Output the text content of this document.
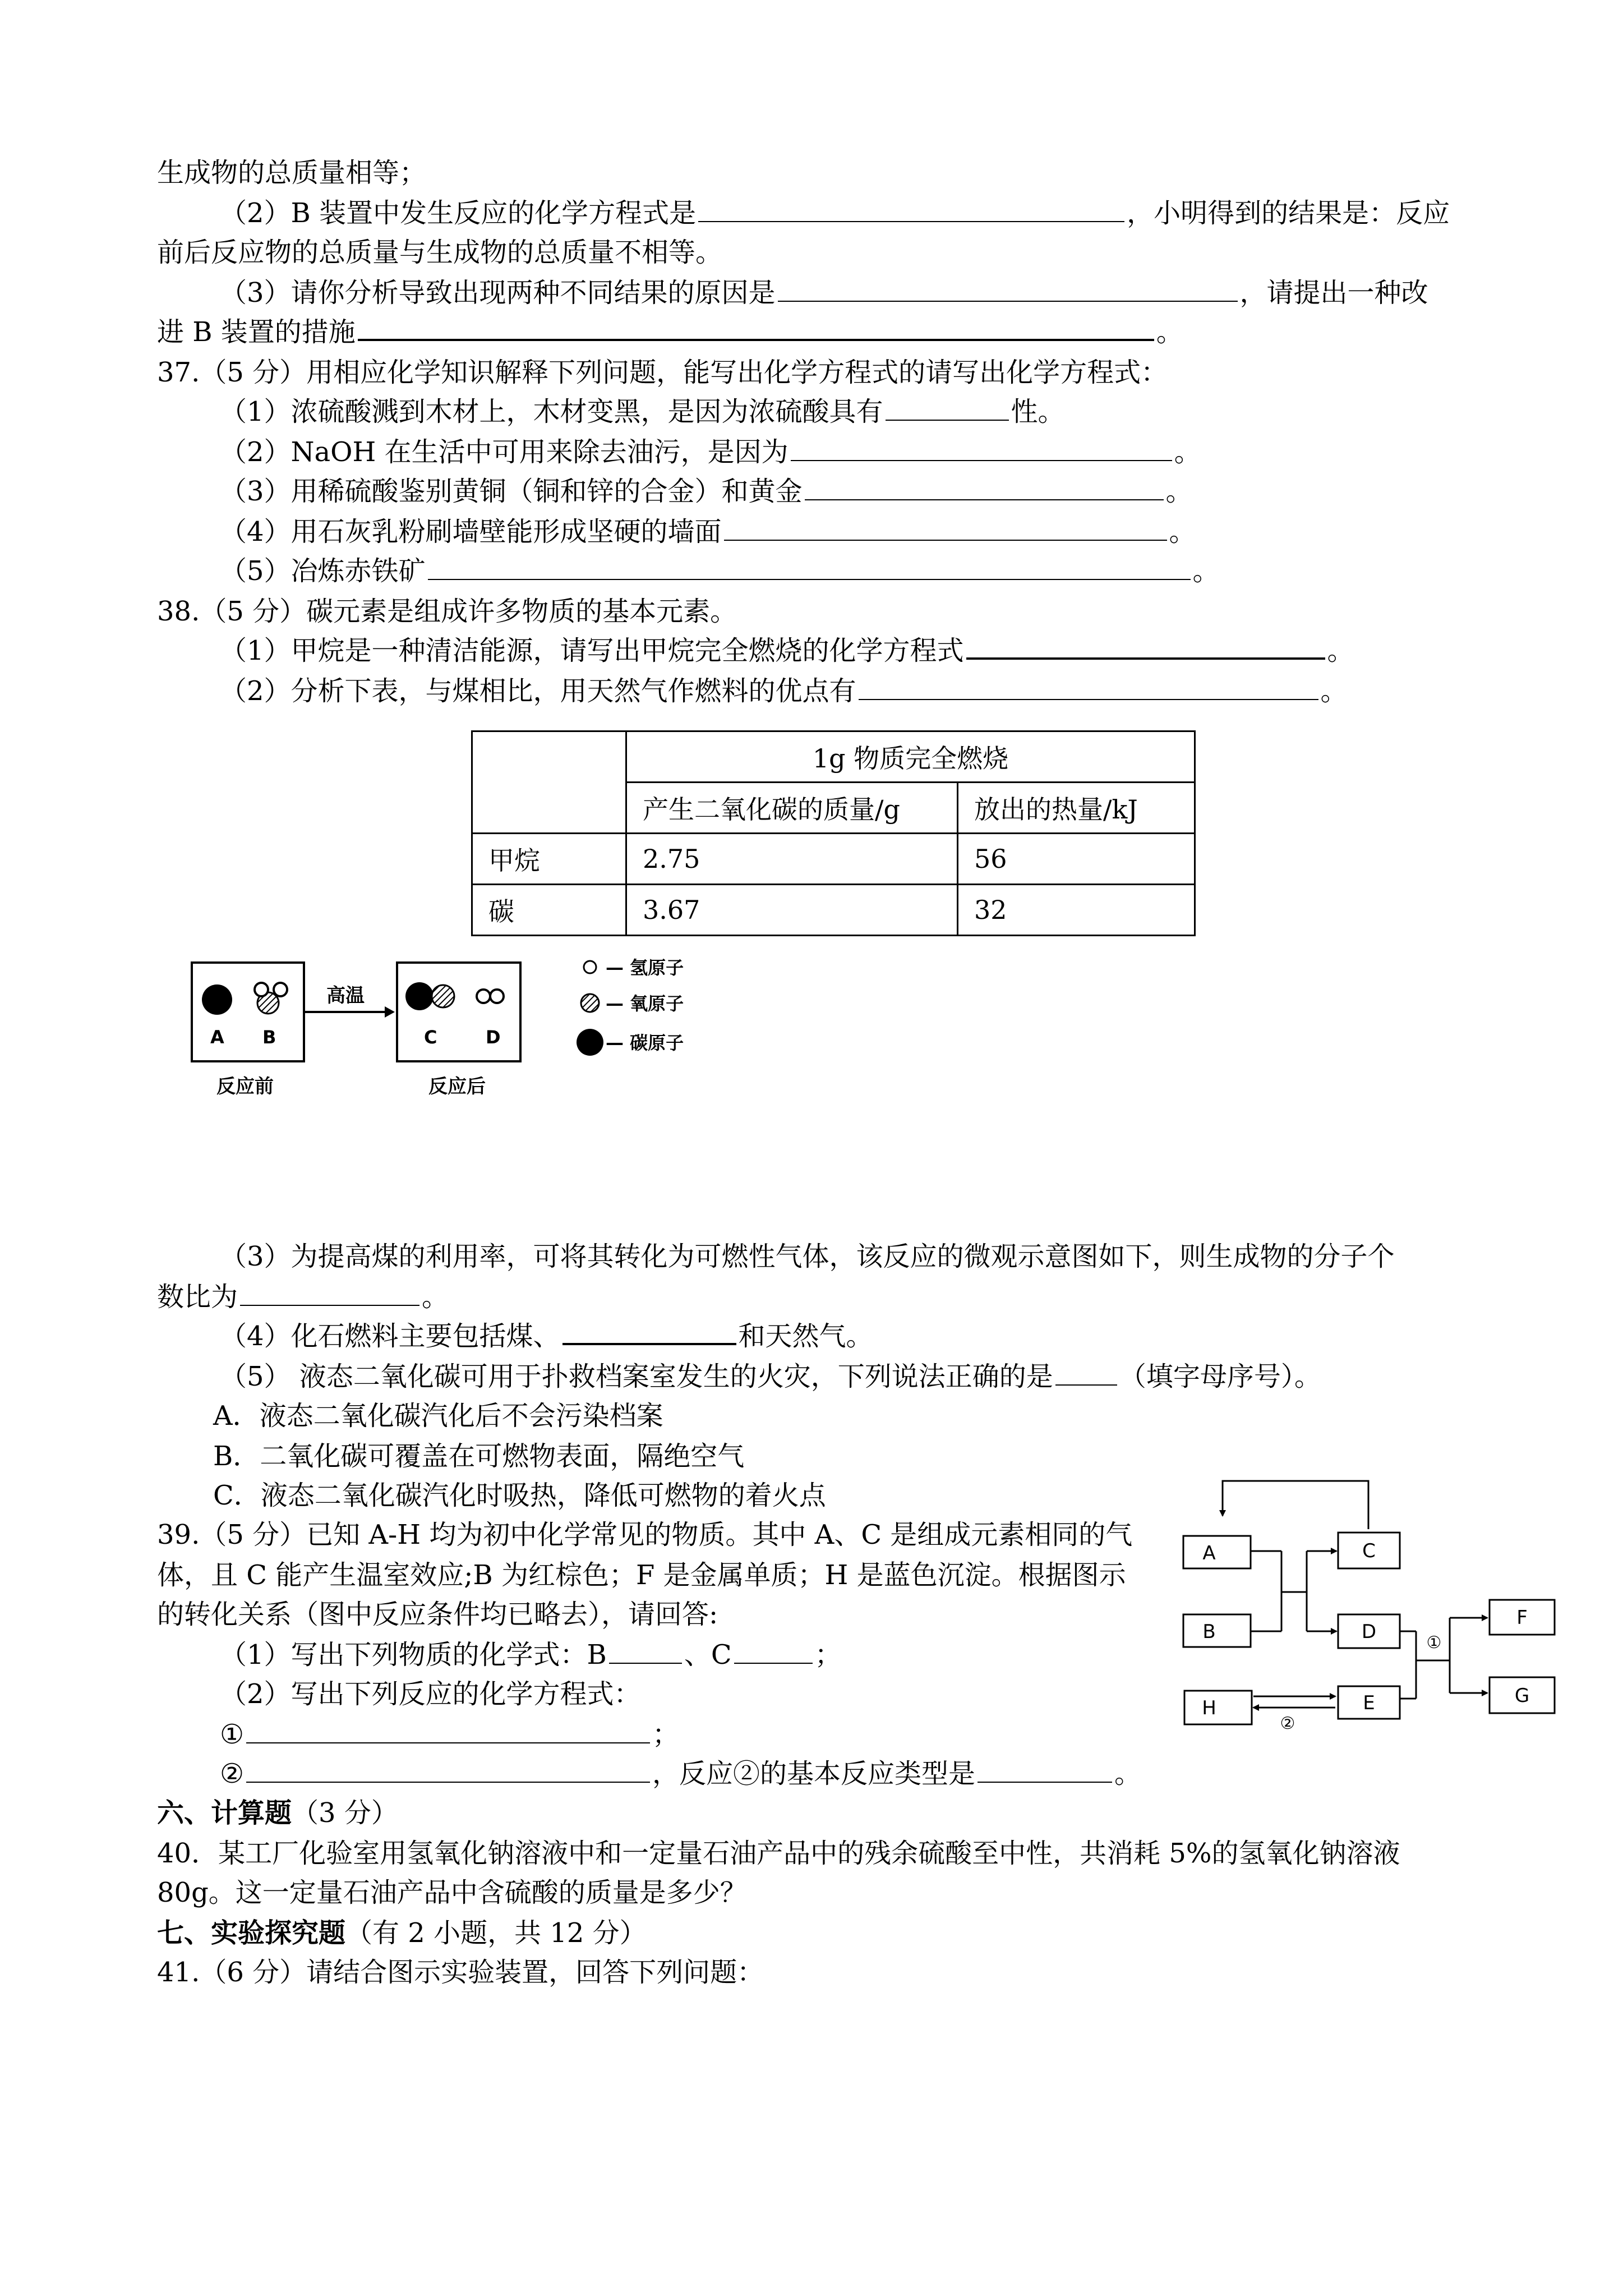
生成物的总质量相等；
（2）B 装置中发生反应的化学方程式是	，小明得到的结果是：反应
前后反应物的总质量与生成物的总质量不相等。
（3）请你分析导致出现两种不同结果的原因是	，请提出一种改
进 B 装置的措施	。
37.（5 分）用相应化学知识解释下列问题，能写出化学方程式的请写出化学方程式：
（1）浓硫酸溅到木材上，木材变黑，是因为浓硫酸具有	性。
（2）NaOH 在生活中可用来除去油污，是因为	。
（3）用稀硫酸鉴别黄铜（铜和锌的合金）和黄金	。
（4）用石灰乳粉刷墙壁能形成坚硬的墙面	。
（5）冶炼赤铁矿	。
38.（5 分）碳元素是组成许多物质的基本元素。
（1）甲烷是一种清洁能源，请写出甲烷完全燃烧的化学方程式	。
（2）分析下表，与煤相比，用天然气作燃料的优点有	。
	1g 物质完全燃烧	
	产生二氧化碳的质量/g	放出的热量/kJ
甲烷	2.75	56
碳	3.67	32
A B
高温
C	D
反应前	反应后
— 氢原子
— 氧原子
— 碳原子
（3）为提高煤的利用率，可将其转化为可燃性气体，该反应的微观示意图如下，则生成物的分子个
数比为	。
（4）化石燃料主要包括煤、	和天然气。
（5） 液态二氧化碳可用于扑救档案室发生的火灾，下列说法正确的是 （填字母序号）。
A．液态二氧化碳汽化后不会污染档案
B．二氧化碳可覆盖在可燃物表面，隔绝空气
C．液态二氧化碳汽化时吸热，降低可燃物的着火点
39.（5 分）已知 A-H 均为初中化学常见的物质。其中 A、C 是组成元素相同的气
体，且 C 能产生温室效应;B 为红棕色；F 是金属单质；H 是蓝色沉淀。根据图示
的转化关系（图中反应条件均已略去），请回答:
（1）写出下列物质的化学式：B	、C	；
（2）写出下列反应的化学方程式：
①	；
②	，反应②的基本反应类型是	。
A
B
C
D
E
H
F
G
①
②
六、计算题（3 分）
40．某工厂化验室用氢氧化钠溶液中和一定量石油产品中的残余硫酸至中性，共消耗 5%的氢氧化钠溶液
80g。这一定量石油产品中含硫酸的质量是多少？
七、实验探究题（有 2 小题，共 12 分）
41.（6 分）请结合图示实验装置，回答下列问题：
